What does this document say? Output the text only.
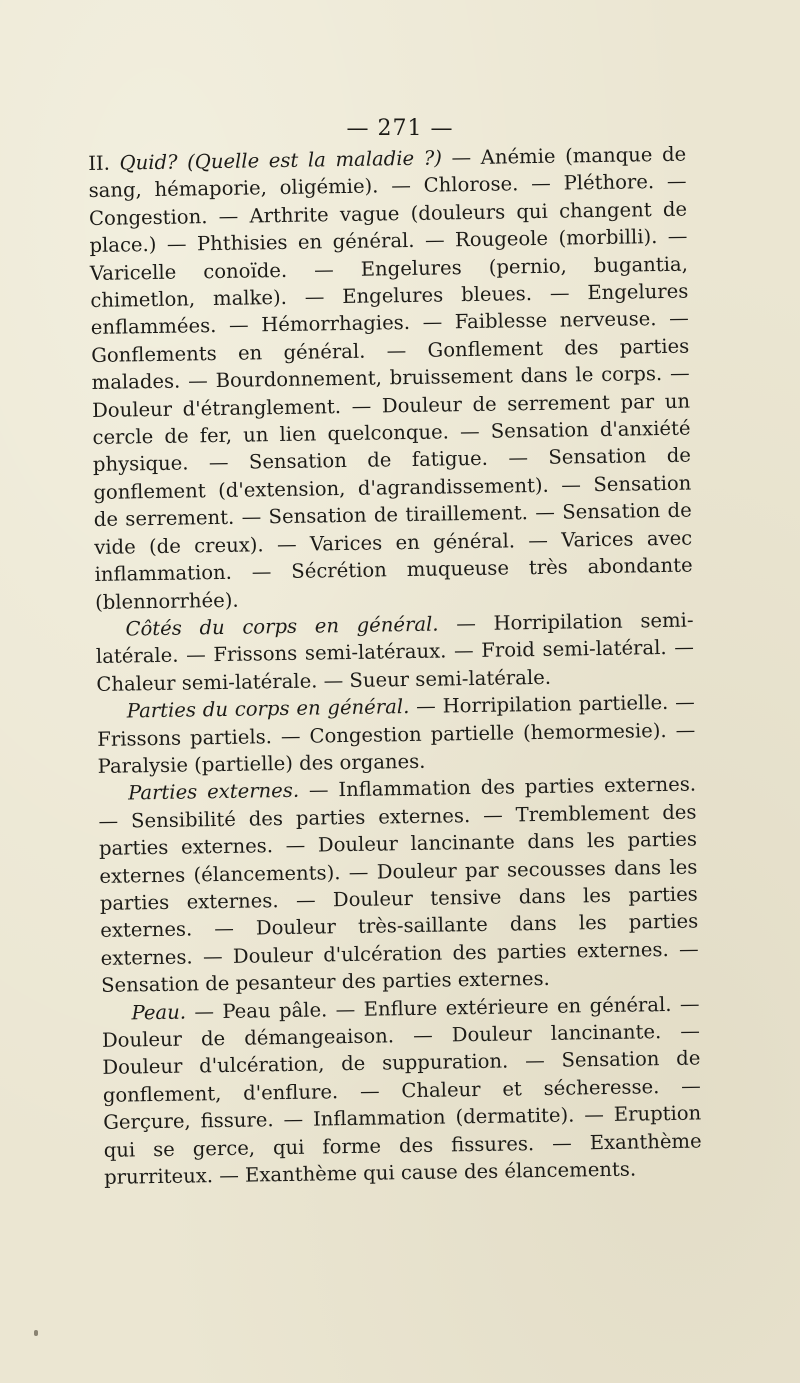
— 271 —

II. Quid? (Quelle est la maladie ?) — Anémie (manque de sang, hémaporie, oligémie). — Chlorose. — Pléthore. — Congestion. — Arthrite vague (douleurs qui changent de place.) — Phthisies en général. — Rougeole (morbilli). — Varicelle conoïde. — Engelures (pernio, bugantia, chimetlon, malke). — Engelures bleues. — Engelures enflammées. — Hémorrhagies. — Faiblesse nerveuse. — Gonflements en général. — Gonflement des parties malades. — Bourdonnement, bruissement dans le corps. — Douleur d'étranglement. — Douleur de serrement par un cercle de fer, un lien quelconque. — Sensation d'anxiété physique. — Sensation de fatigue. — Sensation de gonflement (d'extension, d'agrandissement). — Sensation de serrement. — Sensation de tiraillement. — Sensation de vide (de creux). — Varices en général. — Varices avec inflammation. — Sécrétion muqueuse très abondante (blennorrhée).

Côtés du corps en général. — Horripilation semi-latérale. — Frissons semi-latéraux. — Froid semi-latéral. — Chaleur semi-latérale. — Sueur semi-latérale.

Parties du corps en général. — Horripilation partielle. — Frissons partiels. — Congestion partielle (hemormesie). — Paralysie (partielle) des organes.

Parties externes. — Inflammation des parties externes. — Sensibilité des parties externes. — Tremblement des parties externes. — Douleur lancinante dans les parties externes (élancements). — Douleur par secousses dans les parties externes. — Douleur tensive dans les parties externes. — Douleur très-saillante dans les parties externes. — Douleur d'ulcération des parties externes. — Sensation de pesanteur des parties externes.

Peau. — Peau pâle. — Enflure extérieure en général. — Douleur de démangeaison. — Douleur lancinante. — Douleur d'ulcération, de suppuration. — Sensation de gonflement, d'enflure. — Chaleur et sécheresse. — Gerçure, fissure. — Inflammation (dermatite). — Eruption qui se gerce, qui forme des fissures. — Exanthème prurriteux. — Exanthème qui cause des élancements.
